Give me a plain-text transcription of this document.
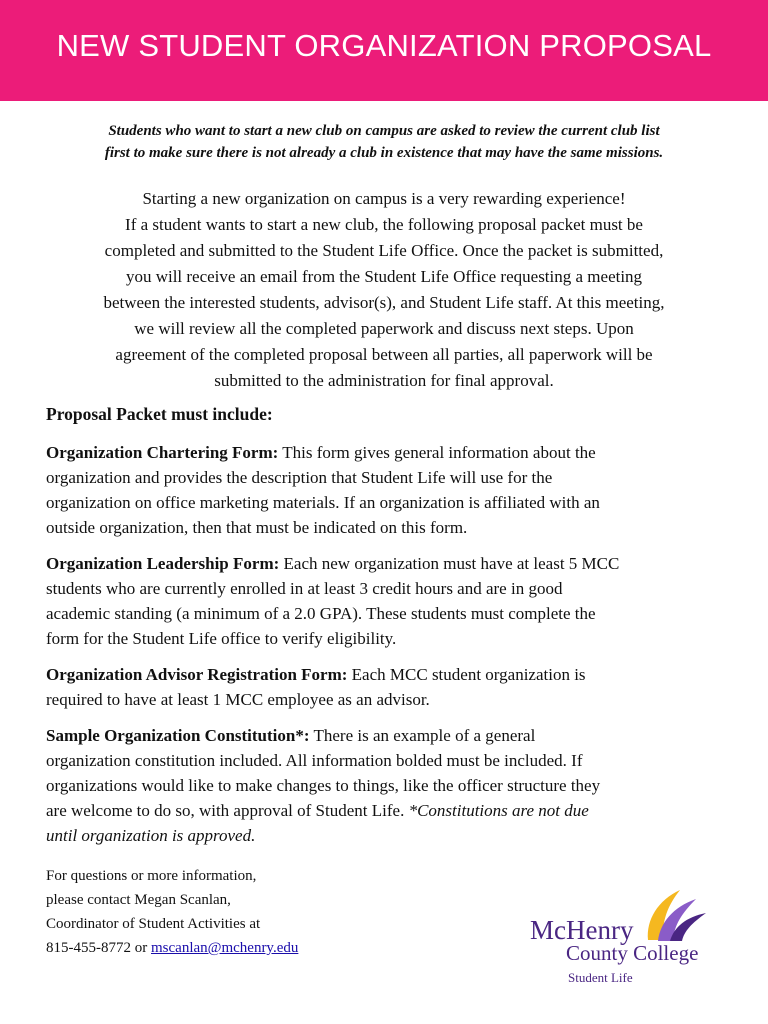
NEW STUDENT ORGANIZATION PROPOSAL
Students who want to start a new club on campus are asked to review the current club list
first to make sure there is not already a club in existence that may have the same missions.
Starting a new organization on campus is a very rewarding experience!
If a student wants to start a new club, the following proposal packet must be
completed and submitted to the Student Life Office. Once the packet is submitted,
you will receive an email from the Student Life Office requesting a meeting
between the interested students, advisor(s), and Student Life staff. At this meeting,
we will review all the completed paperwork and discuss next steps. Upon
agreement of the completed proposal between all parties, all paperwork will be
submitted to the administration for final approval.
Proposal Packet must include:
Organization Chartering Form: This form gives general information about the
organization and provides the description that Student Life will use for the
organization on office marketing materials. If an organization is affiliated with an
outside organization, then that must be indicated on this form.
Organization Leadership Form: Each new organization must have at least 5 MCC
students who are currently enrolled in at least 3 credit hours and are in good
academic standing (a minimum of a 2.0 GPA). These students must complete the
form for the Student Life office to verify eligibility.
Organization Advisor Registration Form: Each MCC student organization is
required to have at least 1 MCC employee as an advisor.
Sample Organization Constitution*: There is an example of a general
organization constitution included. All information bolded must be included. If
organizations would like to make changes to things, like the officer structure they
are welcome to do so, with approval of Student Life. *Constitutions are not due
until organization is approved.
For questions or more information,
please contact Megan Scanlan,
Coordinator of Student Activities at
815-455-8772 or mscanlan@mchenry.edu
McHenry
County College
Student Life
